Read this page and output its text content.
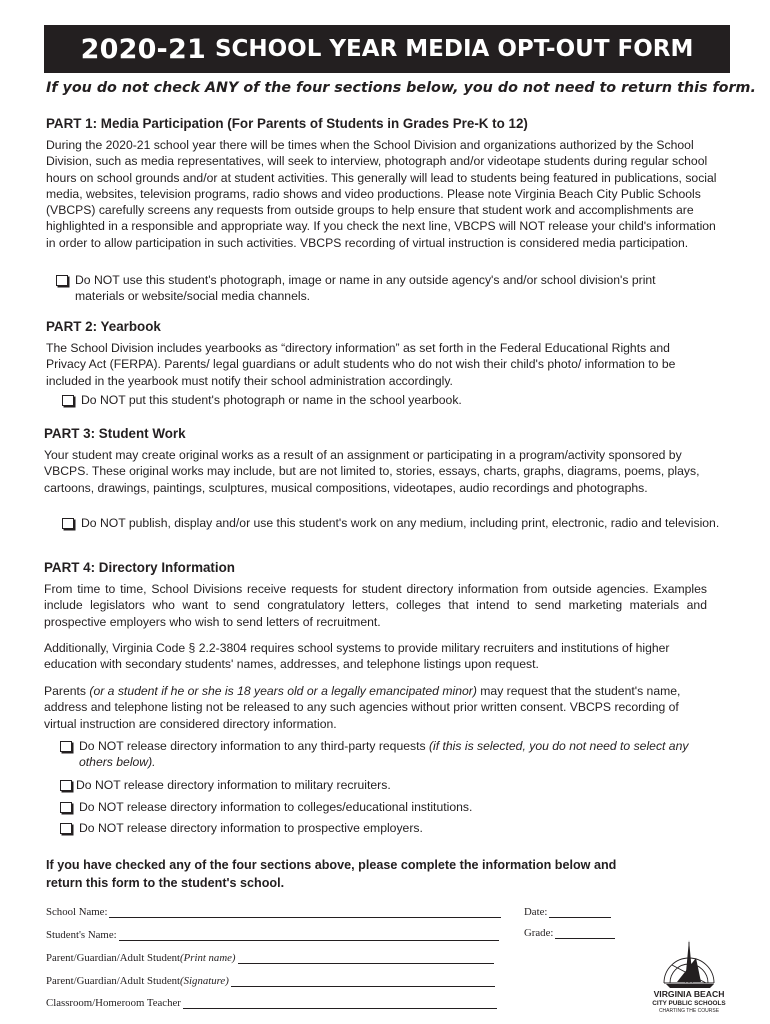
2020-21 SCHOOL YEAR MEDIA OPT-OUT FORM
If you do not check ANY of the four sections below, you do not need to return this form.
PART 1: Media Participation (For Parents of Students in Grades Pre-K to 12)
During the 2020-21 school year there will be times when the School Division and organizations authorized by the School Division, such as media representatives, will seek to interview, photograph and/or videotape students during regular school hours on school grounds and/or at student activities. This generally will lead to students being featured in publications, social media, websites, television programs, radio shows and video productions. Please note Virginia Beach City Public Schools (VBCPS) carefully screens any requests from outside groups to help ensure that student work and accomplishments are highlighted in a responsible and appropriate way. If you check the next line, VBCPS will NOT release your child's information in order to allow participation in such activities. VBCPS recording of virtual instruction is considered media participation.
Do NOT use this student's photograph, image or name in any outside agency's and/or school division's print materials or website/social media channels.
PART 2: Yearbook
The School Division includes yearbooks as “directory information” as set forth in the Federal Educational Rights and Privacy Act (FERPA). Parents/ legal guardians or adult students who do not wish their child's photo/ information to be included in the yearbook must notify their school administration accordingly.
Do NOT put this student's photograph or name in the school yearbook.
PART 3: Student Work
Your student may create original works as a result of an assignment or participating in a program/activity sponsored by VBCPS. These original works may include, but are not limited to, stories, essays, charts, graphs, diagrams, poems, plays, cartoons, drawings, paintings, sculptures, musical compositions, videotapes, audio recordings and photographs.
Do NOT publish, display and/or use this student's work on any medium, including print, electronic, radio and television.
PART 4: Directory Information
From time to time, School Divisions receive requests for student directory information from outside agencies. Examples include legislators who want to send congratulatory letters, colleges that intend to send marketing materials and prospective employers who wish to send letters of recruitment.
Additionally, Virginia Code § 2.2-3804 requires school systems to provide military recruiters and institutions of higher education with secondary students' names, addresses, and telephone listings upon request.
Parents (or a student if he or she is 18 years old or a legally emancipated minor) may request that the student's name, address and telephone listing not be released to any such agencies without prior written consent. VBCPS recording of virtual instruction are considered directory information.
Do NOT release directory information to any third-party requests (if this is selected, you do not need to select any others below).
Do NOT release directory information to military recruiters.
Do NOT release directory information to colleges/educational institutions.
Do NOT release directory information to prospective employers.
If you have checked any of the four sections above, please complete the information below and return this form to the student's school.
School Name:	Date:
Student's Name:	Grade:
Parent/Guardian/Adult Student (Print name)
Parent/Guardian/Adult Student (Signature)
Classroom/Homeroom Teacher
VIRGINIA BEACH
CITY PUBLIC SCHOOLS
CHARTING THE COURSE
